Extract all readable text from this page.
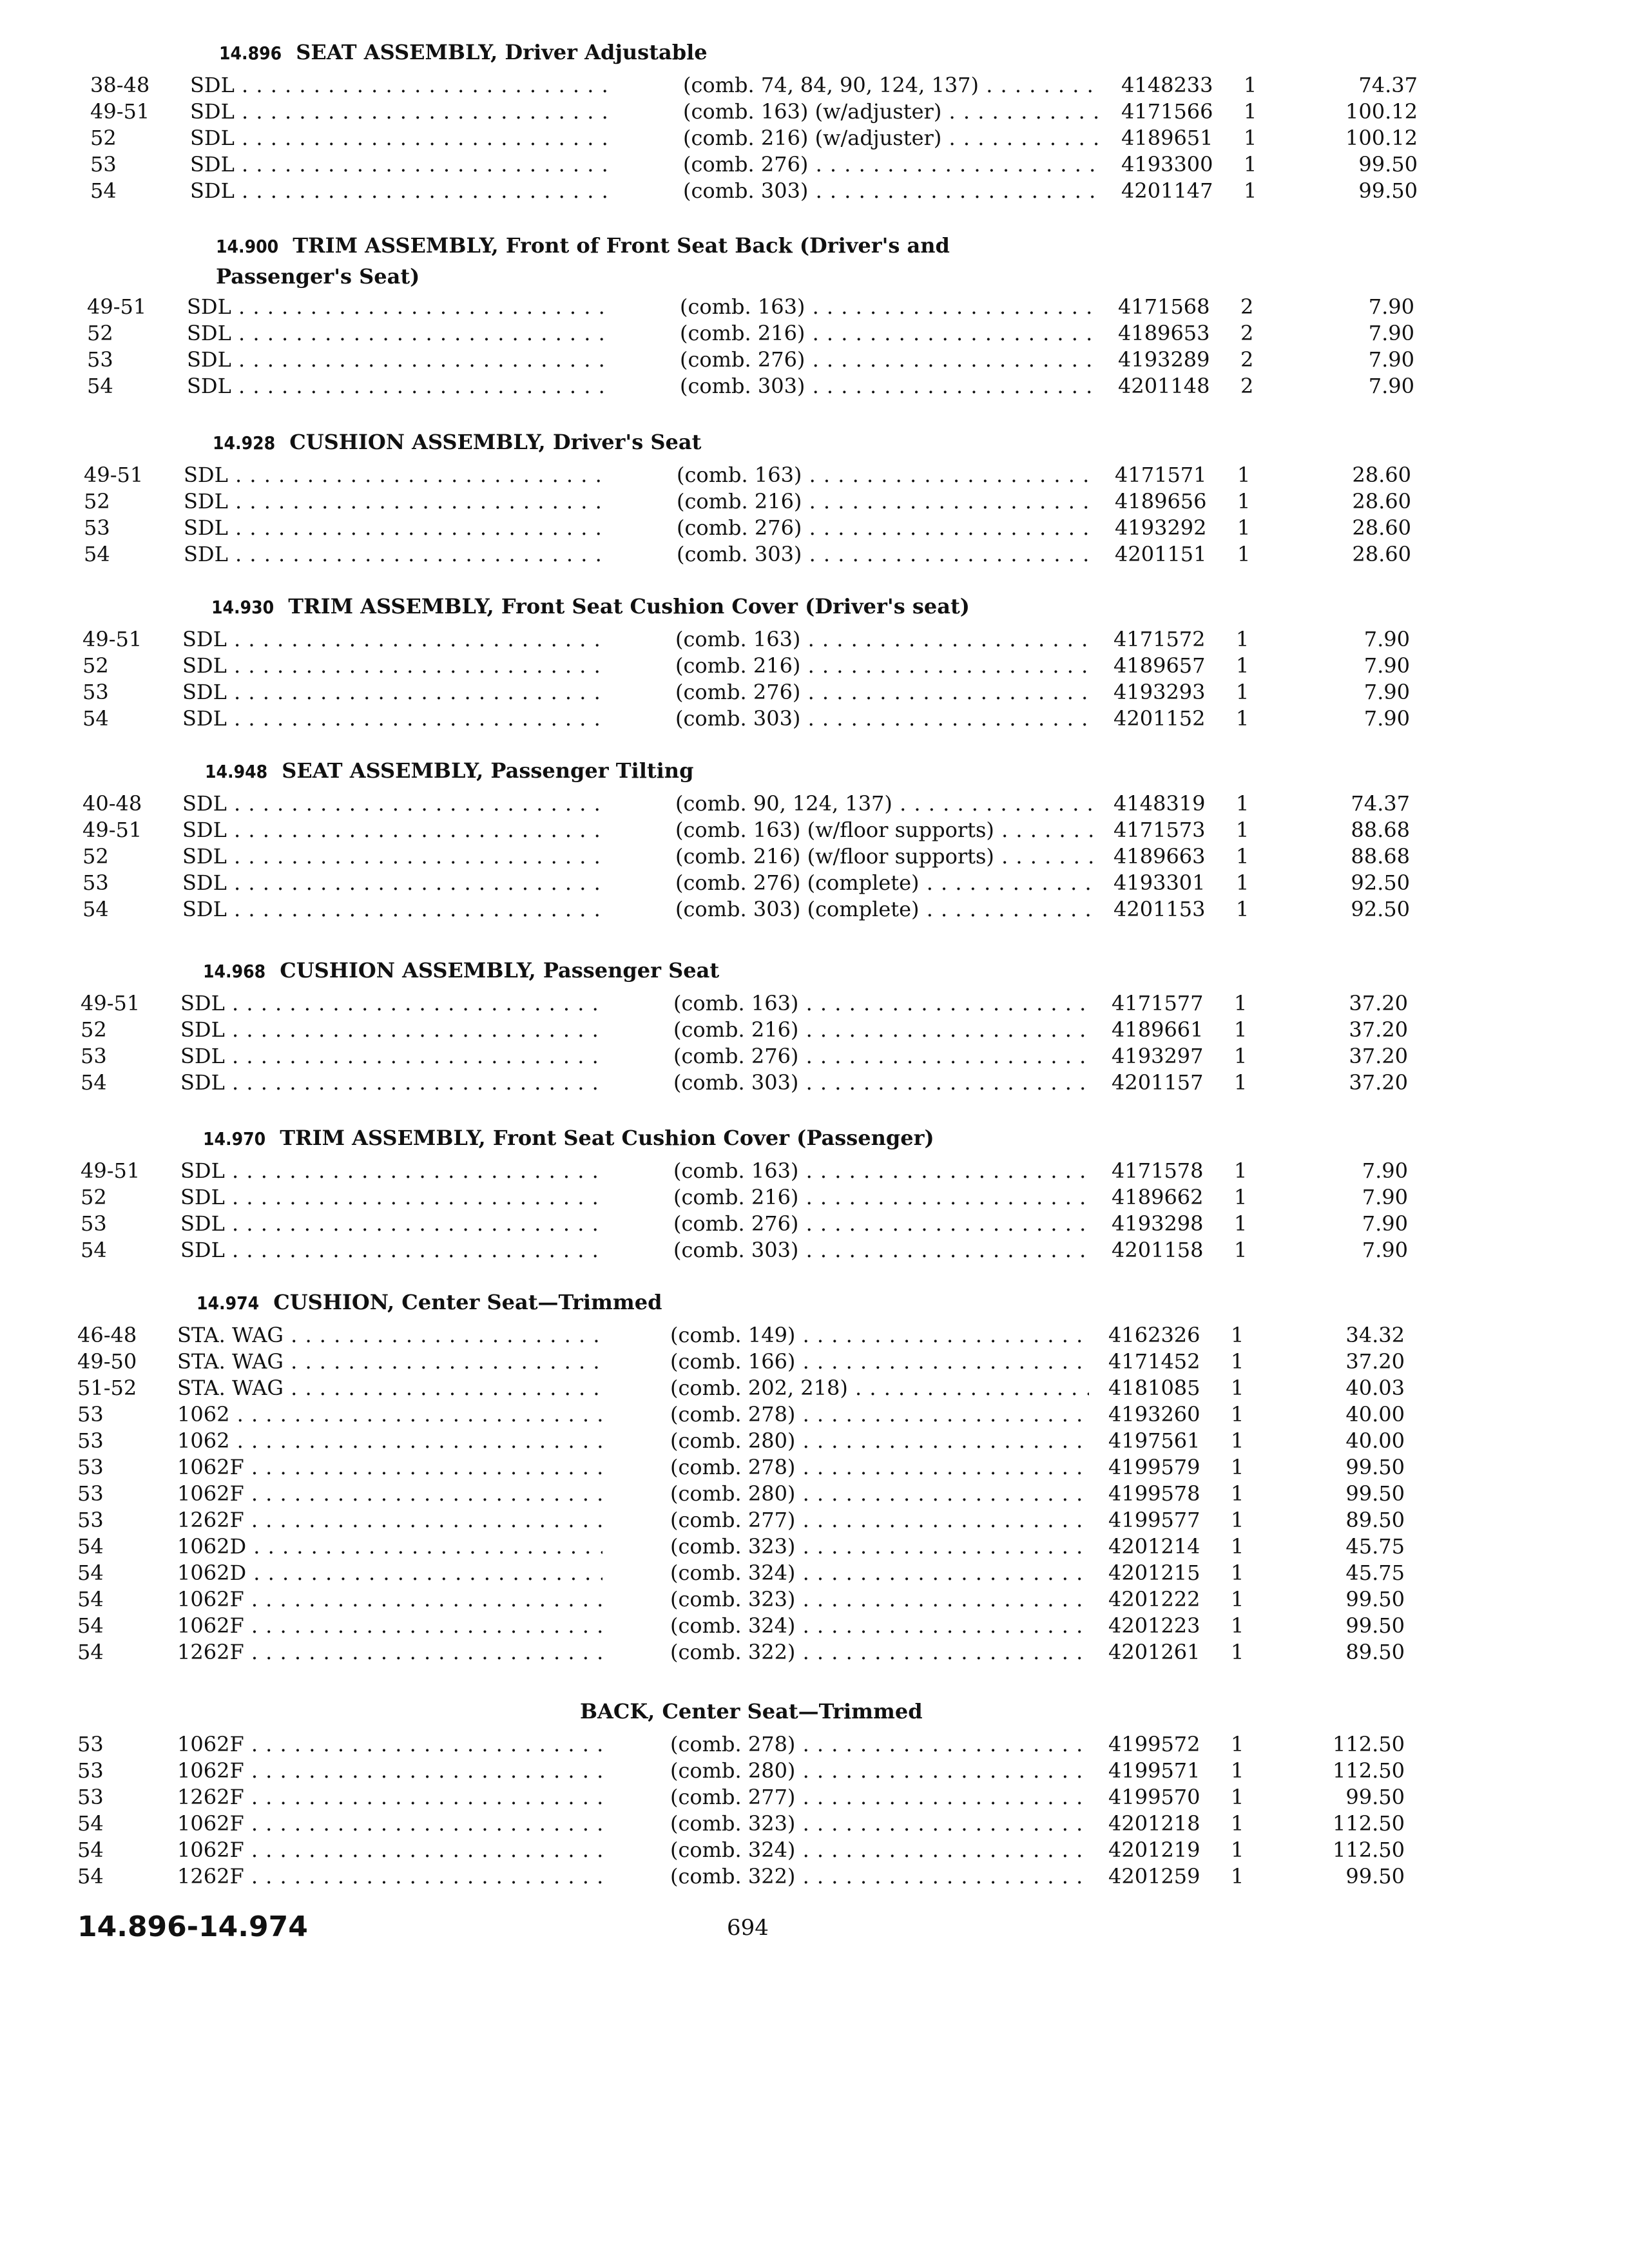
14.896 SEAT ASSEMBLY, Driver Adjustable
38-48 SDL . . .	(comb. 74, 84, 90, 124, 137) . . .	4148233 1	74.37
49-51 SDL . . .	(comb. 163) (w/adjuster) . . .	4171566 1	100.12
52	SDL . . .	(comb. 216) (w/adjuster) . . .	4189651 1	100.12
53	SDL . . .	(comb. 276) . . .	4193300 1	99.50
54	SDL . . .	(comb. 303) . . .	4201147 1	99.50
14.900 TRIM ASSEMBLY, Front of Front Seat Back (Driver's and Passenger's Seat)
49-51 SDL . . .	(comb. 163) . . .	4171568 2	7.90
52	SDL . . .	(comb. 216) . . .	4189653 2	7.90
53	SDL . . .	(comb. 276) . . .	4193289 2	7.90
54	SDL . . .	(comb. 303) . . .	4201148 2	7.90
14.928 CUSHION ASSEMBLY, Driver's Seat
49-51 SDL . . .	(comb. 163) . . .	4171571 1	28.60
52	SDL . . .	(comb. 216) . . .	4189656 1	28.60
53	SDL . . .	(comb. 276) . . .	4193292 1	28.60
54	SDL . . .	(comb. 303) . . .	4201151 1	28.60
14.930 TRIM ASSEMBLY, Front Seat Cushion Cover (Driver's seat)
49-51 SDL . . .	(comb. 163) . . .	4171572 1	7.90
52	SDL . . .	(comb. 216) . . .	4189657 1	7.90
53	SDL . . .	(comb. 276) . . .	4193293 1	7.90
54	SDL . . .	(comb. 303) . . .	4201152 1	7.90
14.948 SEAT ASSEMBLY, Passenger Tilting
40-48 SDL . . .	(comb. 90, 124, 137) . . .	4148319 1	74.37
49-51 SDL . . .	(comb. 163) (w/floor supports) . . .	4171573 1	88.68
52	SDL . . .	(comb. 216) (w/floor supports) . . .	4189663 1	88.68
53	SDL . . .	(comb. 276) (complete) . . .	4193301 1	92.50
54	SDL . . .	(comb. 303) (complete) . . .	4201153 1	92.50
14.968 CUSHION ASSEMBLY, Passenger Seat
49-51 SDL . . .	(comb. 163) . . .	4171577 1	37.20
52	SDL . . .	(comb. 216) . . .	4189661 1	37.20
53	SDL . . .	(comb. 276) . . .	4193297 1	37.20
54	SDL . . .	(comb. 303) . . .	4201157 1	37.20
14.970 TRIM ASSEMBLY, Front Seat Cushion Cover (Passenger)
49-51 SDL . . .	(comb. 163) . . .	4171578 1	7.90
52	SDL . . .	(comb. 216) . . .	4189662 1	7.90
53	SDL . . .	(comb. 276) . . .	4193298 1	7.90
54	SDL . . .	(comb. 303) . . .	4201158 1	7.90
14.974 CUSHION, Center Seat—Trimmed
46-48 STA. WAG . . .	(comb. 149) . . .	4162326 1	34.32
49-50 STA. WAG . . .	(comb. 166) . . .	4171452 1	37.20
51-52 STA. WAG . . .	(comb. 202, 218) . . .	4181085 1	40.03
53	1062 . . .	(comb. 278) . . .	4193260 1	40.00
53	1062 . . .	(comb. 280) . . .	4197561 1	40.00
53	1062F . . .	(comb. 278) . . .	4199579 1	99.50
53	1062F . . .	(comb. 280) . . .	4199578 1	99.50
53	1262F . . .	(comb. 277) . . .	4199577 1	89.50
54	1062D . . .	(comb. 323) . . .	4201214 1	45.75
54	1062D . . .	(comb. 324) . . .	4201215 1	45.75
54	1062F . . .	(comb. 323) . . .	4201222 1	99.50
54	1062F . . .	(comb. 324) . . .	4201223 1	99.50
54	1262F . . .	(comb. 322) . . .	4201261 1	89.50
BACK, Center Seat—Trimmed
53	1062F . . .	(comb. 278) . . .	4199572 1	112.50
53	1062F . . .	(comb. 280) . . .	4199571 1	112.50
53	1262F . . .	(comb. 277) . . .	4199570 1	99.50
54	1062F . . .	(comb. 323) . . .	4201218 1	112.50
54	1062F . . .	(comb. 324) . . .	4201219 1	112.50
54	1262F . . .	(comb. 322) . . .	4201259 1	99.50
14.896-14.974	694
